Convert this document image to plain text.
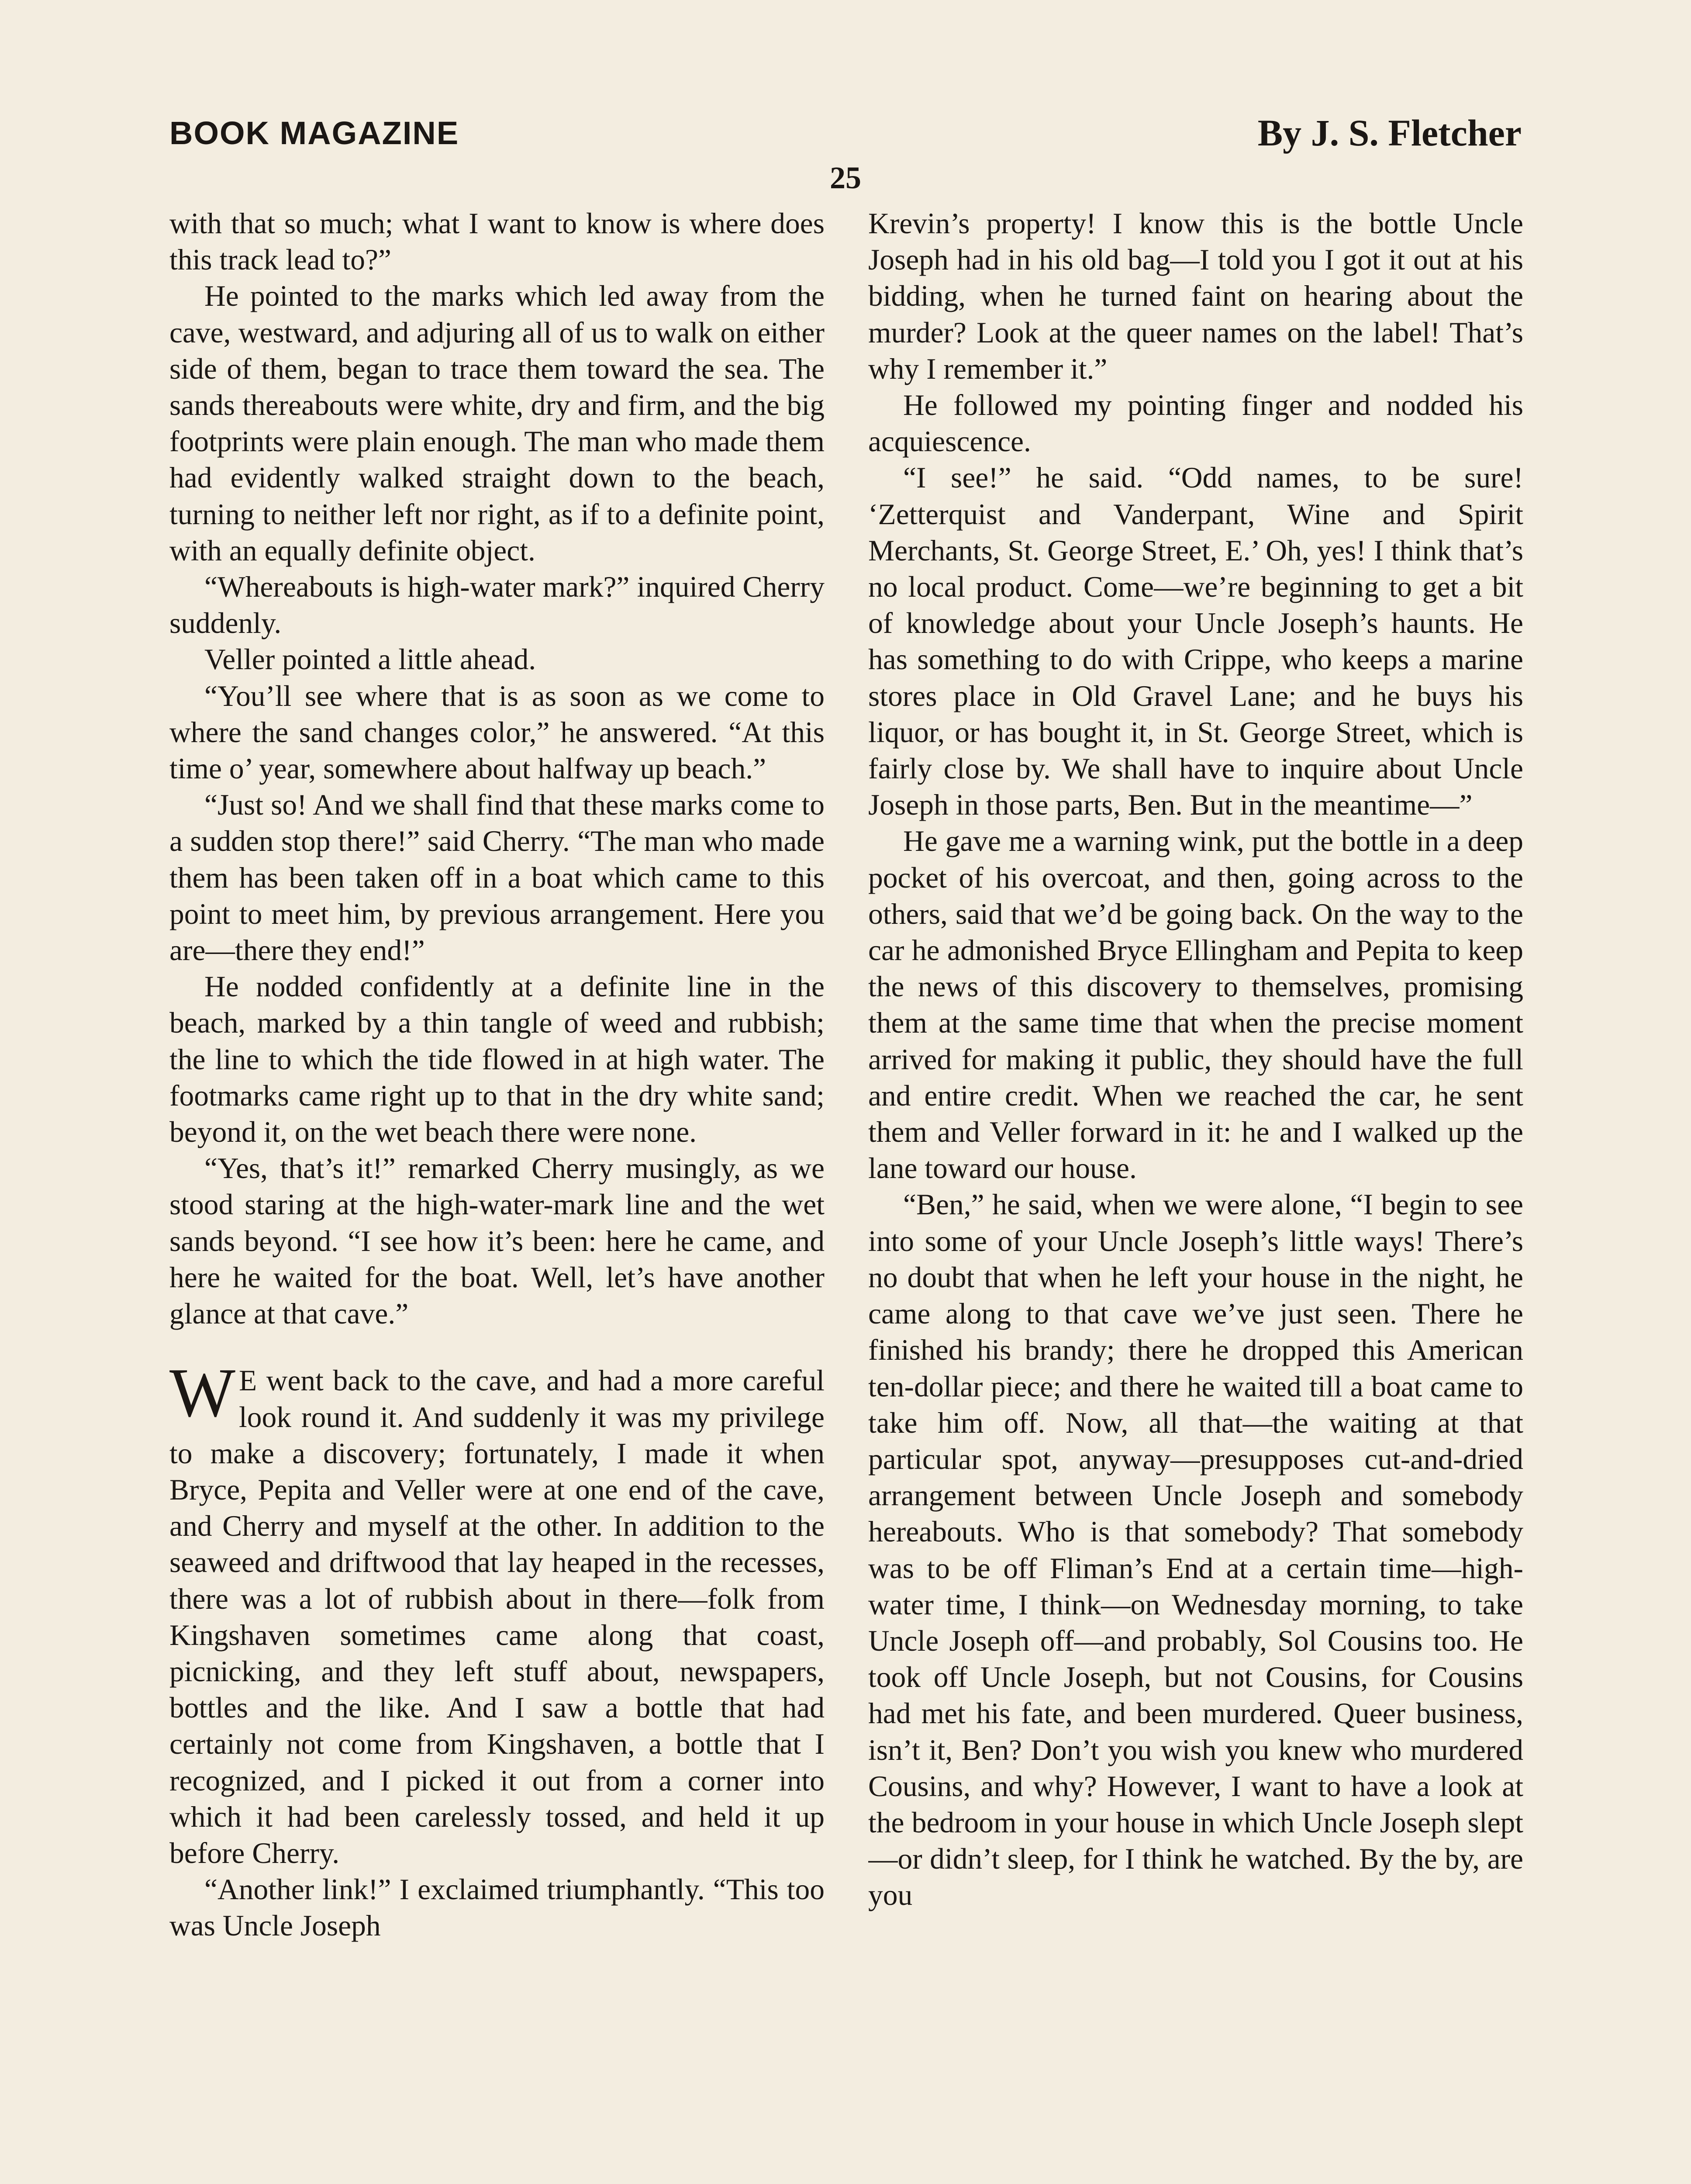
BOOK MAGAZINE	By J. S. Fletcher
25

with that so much; what I want to know is where does this track lead to?”

He pointed to the marks which led away from the cave, westward, and adjuring all of us to walk on either side of them, began to trace them toward the sea. The sands thereabouts were white, dry and firm, and the big footprints were plain enough. The man who made them had evidently walked straight down to the beach, turning to neither left nor right, as if to a definite point, with an equally definite object.

“Whereabouts is high-water mark?” inquired Cherry suddenly.

Veller pointed a little ahead.

“You’ll see where that is as soon as we come to where the sand changes color,” he answered. “At this time o’ year, somewhere about halfway up beach.”

“Just so! And we shall find that these marks come to a sudden stop there!” said Cherry. “The man who made them has been taken off in a boat which came to this point to meet him, by previous arrangement. Here you are—there they end!”

He nodded confidently at a definite line in the beach, marked by a thin tangle of weed and rubbish; the line to which the tide flowed in at high water. The footmarks came right up to that in the dry white sand; beyond it, on the wet beach there were none.

“Yes, that’s it!” remarked Cherry musingly, as we stood staring at the high-water-mark line and the wet sands beyond. “I see how it’s been: here he came, and here he waited for the boat. Well, let’s have another glance at that cave.”

W E went back to the cave, and had a more careful look round it. And suddenly it was my privilege to make a discovery; fortunately, I made it when Bryce, Pepita and Veller were at one end of the cave, and Cherry and myself at the other. In addition to the seaweed and driftwood that lay heaped in the recesses, there was a lot of rubbish about in there—folk from Kingshaven sometimes came along that coast, picnicking, and they left stuff about, newspapers, bottles and the like. And I saw a bottle that had certainly not come from Kingshaven, a bottle that I recognized, and I picked it out from a corner into which it had been carelessly tossed, and held it up before Cherry.

“Another link!” I exclaimed triumphantly. “This too was Uncle Joseph

Krevin’s property! I know this is the bottle Uncle Joseph had in his old bag—I told you I got it out at his bidding, when he turned faint on hearing about the murder? Look at the queer names on the label! That’s why I remember it.”

He followed my pointing finger and nodded his acquiescence.

“I see!” he said. “Odd names, to be sure! ‘Zetterquist and Vanderpant, Wine and Spirit Merchants, St. George Street, E.’ Oh, yes! I think that’s no local product. Come—we’re beginning to get a bit of knowledge about your Uncle Joseph’s haunts. He has something to do with Crippe, who keeps a marine stores place in Old Gravel Lane; and he buys his liquor, or has bought it, in St. George Street, which is fairly close by. We shall have to inquire about Uncle Joseph in those parts, Ben. But in the meantime—”

He gave me a warning wink, put the bottle in a deep pocket of his overcoat, and then, going across to the others, said that we’d be going back. On the way to the car he admonished Bryce Ellingham and Pepita to keep the news of this discovery to themselves, promising them at the same time that when the precise moment arrived for making it public, they should have the full and entire credit. When we reached the car, he sent them and Veller forward in it: he and I walked up the lane toward our house.

“Ben,” he said, when we were alone, “I begin to see into some of your Uncle Joseph’s little ways! There’s no doubt that when he left your house in the night, he came along to that cave we’ve just seen. There he finished his brandy; there he dropped this American ten-dollar piece; and there he waited till a boat came to take him off. Now, all that—the waiting at that particular spot, anyway—presupposes cut-and-dried arrangement between Uncle Joseph and somebody hereabouts. Who is that somebody? That somebody was to be off Fliman’s End at a certain time—high-water time, I think—on Wednesday morning, to take Uncle Joseph off—and probably, Sol Cousins too. He took off Uncle Joseph, but not Cousins, for Cousins had met his fate, and been murdered. Queer business, isn’t it, Ben? Don’t you wish you knew who murdered Cousins, and why? However, I want to have a look at the bedroom in your house in which Uncle Joseph slept—or didn’t sleep, for I think he watched. By the by, are you
